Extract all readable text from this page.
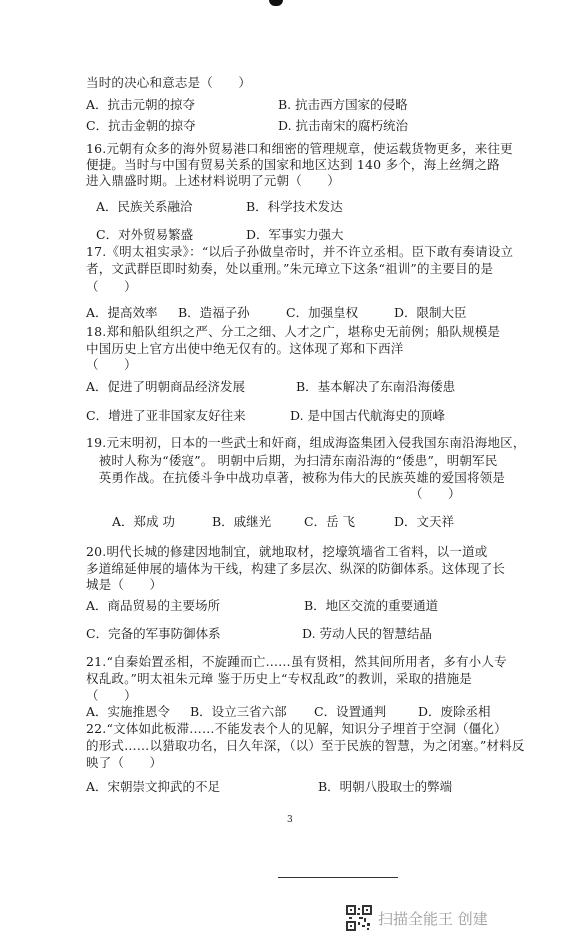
当时的决心和意志是（　　）
16.元朝有众多的海外贸易港口和细密的管理规章，使运载货物更多，来往更
便捷。当时与中国有贸易关系的国家和地区达到 140 多个，海上丝绸之路
进入鼎盛时期。上述材料说明了元朝（　　）
17.《明太祖实录》：“以后子孙做皇帝时，并不许立丞相。臣下敢有奏请设立
者，文武群臣即时劾奏，处以重刑。”朱元璋立下这条“祖训”的主要目的是
（　　）
18.郑和船队组织之严、分工之细、人才之广，堪称史无前例；船队规模是
中国历史上官方出使中绝无仅有的。这体现了郑和下西洋
（　　）
19.元末明初，日本的一些武士和奸商，组成海盗集团入侵我国东南沿海地区，
　被时人称为“倭寇”。 明朝中后期，为扫清东南沿海的“倭患”，明朝军民
　英勇作战。在抗倭斗争中战功卓著，被称为伟大的民族英雄的爱国将领是
　　　　　　　　　　　　　　　　　　　　　　　　　　（　　）
20.明代长城的修建因地制宜，就地取材，挖壕筑墙省工省料，以一道或
多道绵延伸展的墙体为干线，构建了多层次、纵深的防御体系。这体现了长
城是（　　）
21.“自秦始置丞相，不旋踵而亡……虽有贤相，然其间所用者，多有小人专
权乱政。”明太祖朱元璋 鉴于历史上“专权乱政”的教训，采取的措施是
（　　）
22.“文体如此板滞……不能发表个人的见解，知识分子埋首于空洞（僵化）
的形式……以猎取功名，日久年深，（以）至于民族的智慧，为之闭塞。”材料反
映了（　　）
A．抗击元朝的掠夺	B. 抗击西方国家的侵略
C．抗击金朝的掠夺	D. 抗击南宋的腐朽统治
A．民族关系融洽	B．科学技术发达
C．对外贸易繁盛	D．军事实力强大
A．提高效率 B．造福子孙	C．加强皇权	D．限制大臣
A．促进了明朝商品经济发展	B．基本解决了东南沿海倭患
C．增进了亚非国家友好往来	D. 是中国古代航海史的顶峰
A．郑成 功	B．戚继光	C．岳 飞	D．文天祥
A．商品贸易的主要场所	B．地区交流的重要通道
C．完备的军事防御体系	D. 劳动人民的智慧结晶
A．实施推恩令 B．设立三省六部 C．设置通判	D．废除丞相
A．宋朝崇文抑武的不足	B．明朝八股取士的弊端
3
扫描全能王 创建
